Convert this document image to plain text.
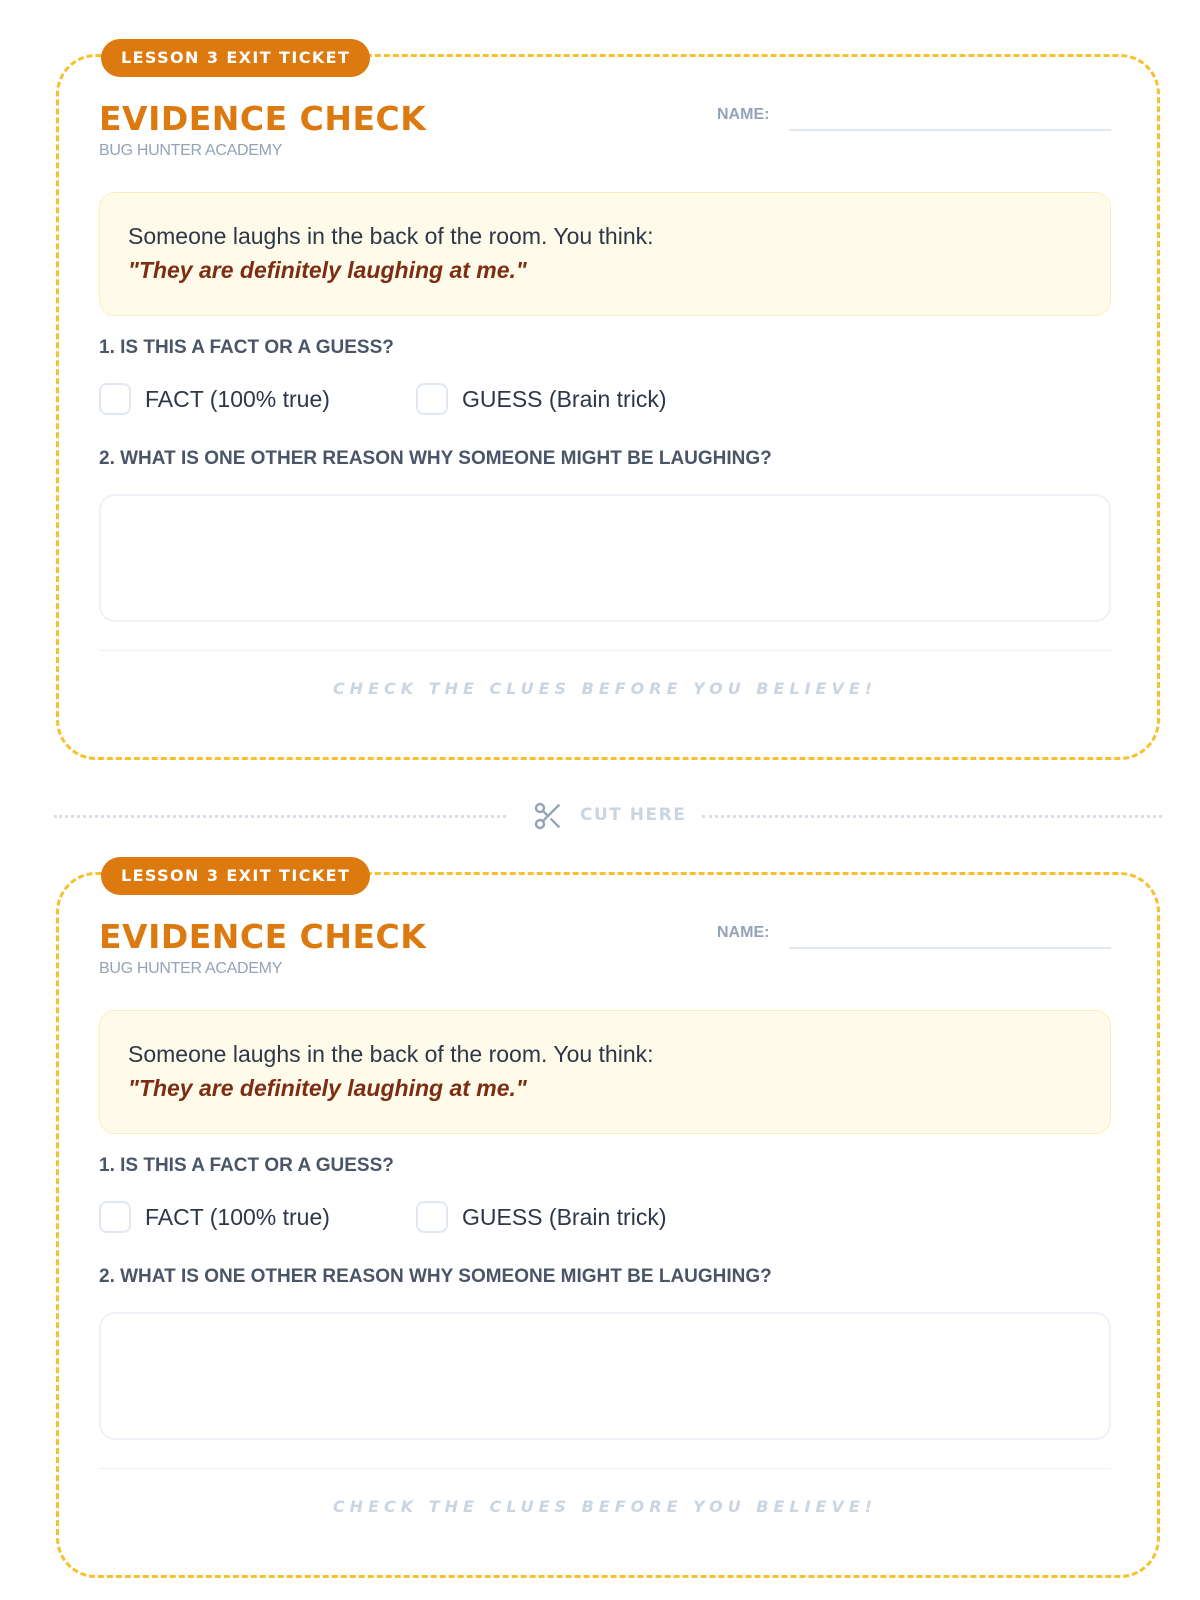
LESSON 3 EXIT TICKET
EVIDENCE CHECK
BUG HUNTER ACADEMY
NAME:
Someone laughs in the back of the room. You think:
"They are definitely laughing at me."
1. IS THIS A FACT OR A GUESS?
FACT (100% true)	GUESS (Brain trick)
2. WHAT IS ONE OTHER REASON WHY SOMEONE MIGHT BE LAUGHING?
CHECK THE CLUES BEFORE YOU BELIEVE!
CUT HERE
LESSON 3 EXIT TICKET
EVIDENCE CHECK
BUG HUNTER ACADEMY
NAME:
Someone laughs in the back of the room. You think:
"They are definitely laughing at me."
1. IS THIS A FACT OR A GUESS?
FACT (100% true)	GUESS (Brain trick)
2. WHAT IS ONE OTHER REASON WHY SOMEONE MIGHT BE LAUGHING?
CHECK THE CLUES BEFORE YOU BELIEVE!
